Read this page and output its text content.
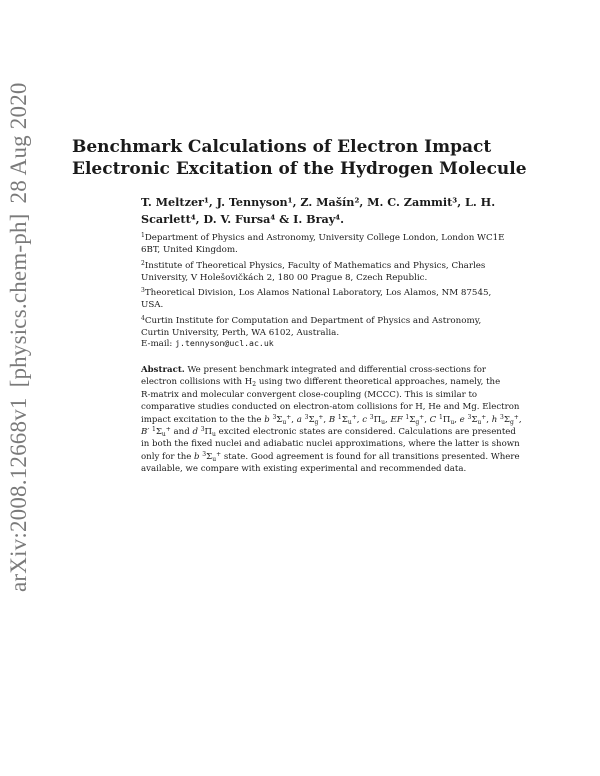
arXiv:2008.12668v1[physics.chem-ph]28 Aug 2020 Benchmark Calculations of Electron Impact
Electronic Excitation of the Hydrogen Molecule
T. Meltzer¹, J. Tennyson¹, Z. Mašín², M. C. Zammit³, L. H.
Scarlett⁴, D. V. Fursa⁴ & I. Bray⁴.
$^1$Department of Physics and Astronomy, University College London, London WC1E
6BT, United Kingdom.
$^2$Institute of Theoretical Physics, Faculty of Mathematics and Physics, Charles
University, V Holešovičkách 2, 180 00 Prague 8, Czech Republic.
$^3$Theoretical Division, Los Alamos National Laboratory, Los Alamos, NM 87545,
USA.
$^4$Curtin Institute for Computation and Department of Physics and Astronomy,
Curtin University, Perth, WA 6102, Australia.
E-mail: j.tennyson@ucl.ac.uk
Abstract. We present benchmark integrated and differential cross-sections for
electron collisions with $H_2$ using two different theoretical approaches, namely, the
R-matrix and molecular convergent close-coupling (MCCC). This is similar to
comparative studies conducted on electron-atom collisions for H, He and Mg. Electron
impact excitation to the the b $^3\Sigma_u^+$, a $^3\Sigma_g^+$, B $^1\Sigma_u^+$, c $^3\Pi_u$, EF $^1\Sigma_g^+$, C $^1\Pi_u$, e $^3\Sigma_u^+$, h $^3\Sigma_g^+$,
B′ $^1\Sigma_u^+$ and d $^3\Pi_u$ excited electronic states are considered. Calculations are presented
in both the fixed nuclei and adiabatic nuclei approximations, where the latter is shown
only for the b $^3\Sigma_u^+$ state. Good agreement is found for all transitions presented. Where
available, we compare with existing experimental and recommended data.
